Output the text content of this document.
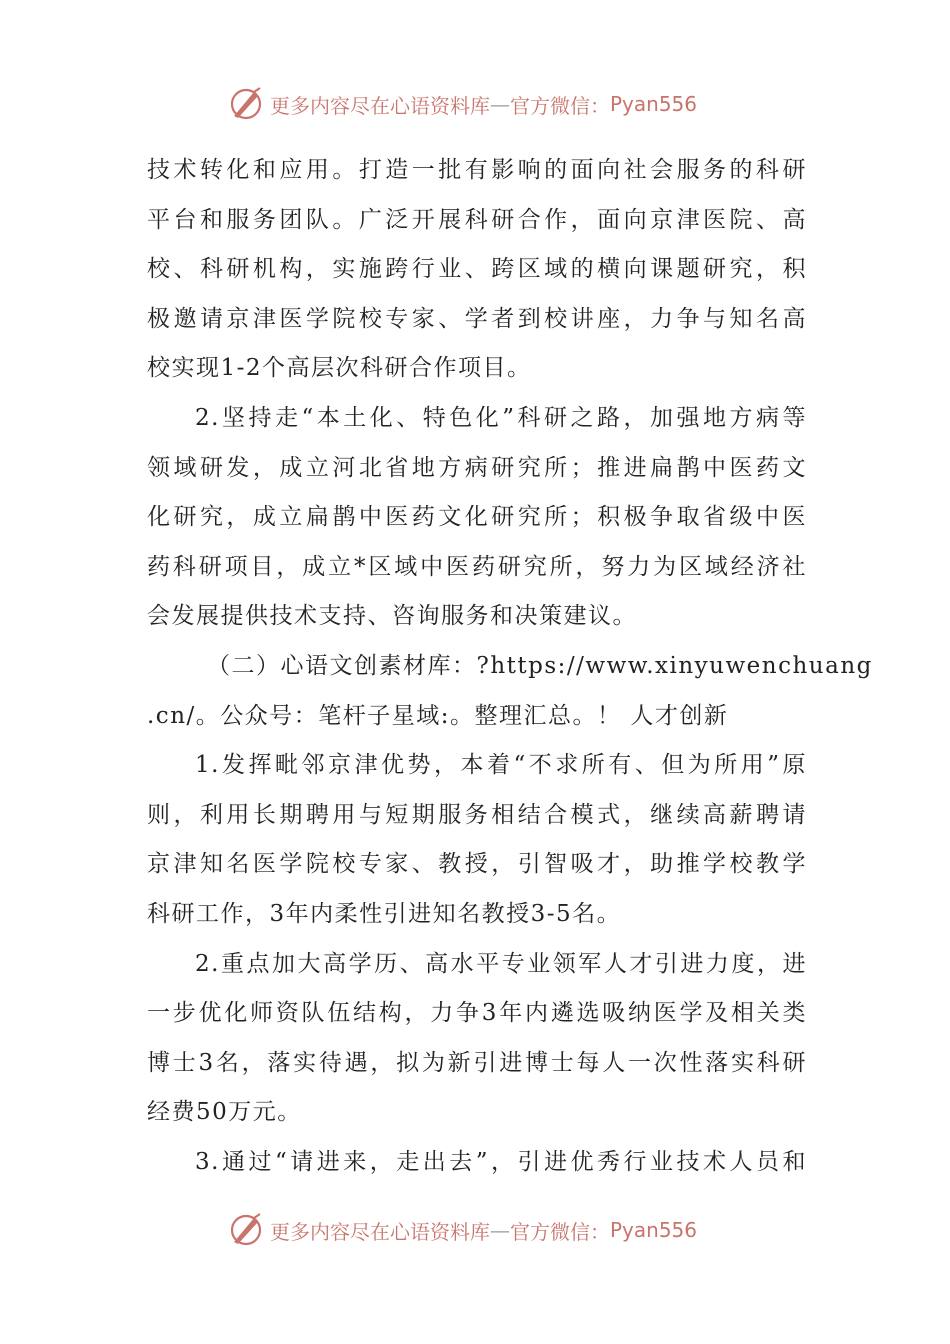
更多内容尽在心语资料库 — 官方微信： Pyan556
技术转化和应用。打造一批有影响的面向社会服务的科研
平台和服务团队。广泛开展科研合作，面向京津医院、高
校、科研机构，实施跨行业、跨区域的横向课题研究，积
极邀请京津医学院校专家、学者到校讲座，力争与知名高
校实现1-2个高层次科研合作项目。
2.坚持走“本土化、特色化”科研之路，加强地方病等
领域研发，成立河北省地方病研究所；推进扁鹊中医药文
化研究，成立扁鹊中医药文化研究所；积极争取省级中医
药科研项目，成立*区域中医药研究所，努力为区域经济社
会发展提供技术支持、咨询服务和决策建议。
（二）心语文创素材库：?https://www.xinyuwenchuang
.cn/。公众号：笔杆子星域:。整理汇总。！ 人才创新
1.发挥毗邻京津优势，本着“不求所有、但为所用”原
则，利用长期聘用与短期服务相结合模式，继续高薪聘请
京津知名医学院校专家、教授，引智吸才，助推学校教学
科研工作，3年内柔性引进知名教授3-5名。
2.重点加大高学历、高水平专业领军人才引进力度，进
一步优化师资队伍结构，力争3年内遴选吸纳医学及相关类
博士3名，落实待遇，拟为新引进博士每人一次性落实科研
经费50万元。
3.通过“请进来，走出去”，引进优秀行业技术人员和
更多内容尽在心语资料库 — 官方微信： Pyan556
